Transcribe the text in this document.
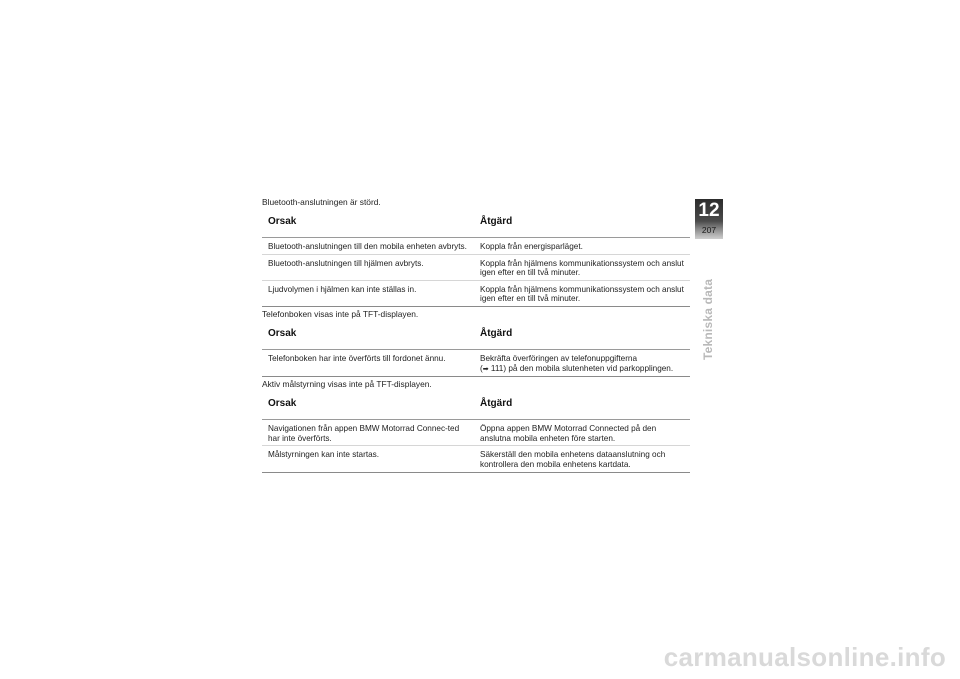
Bluetooth-anslutningen är störd.
Orsak	Åtgärd
Bluetooth-anslutningen till den mobila enheten avbryts.	Koppla från energisparläget.
Bluetooth-anslutningen till hjälmen avbryts.	Koppla från hjälmens kommunikationssystem och anslut igen efter en till två minuter.
Ljudvolymen i hjälmen kan inte ställas in.	Koppla från hjälmens kommunikationssystem och anslut igen efter en till två minuter.
Telefonboken visas inte på TFT-displayen.
Orsak	Åtgärd
Telefonboken har inte överförts till fordonet ännu.	Bekräfta överföringen av telefonuppgifterna
(➡ 111) på den mobila slutenheten vid parkopplingen.
Aktiv målstyrning visas inte på TFT-displayen.
Orsak	Åtgärd
Navigationen från appen BMW Motorrad Connec-ted har inte överförts.	Öppna appen BMW Motorrad Connected på den anslutna mobila enheten före starten.
Målstyrningen kan inte startas.	Säkerställ den mobila enhetens dataanslutning och kontrollera den mobila enhetens kartdata.
12
207
Tekniska data
carmanualsonline.info
